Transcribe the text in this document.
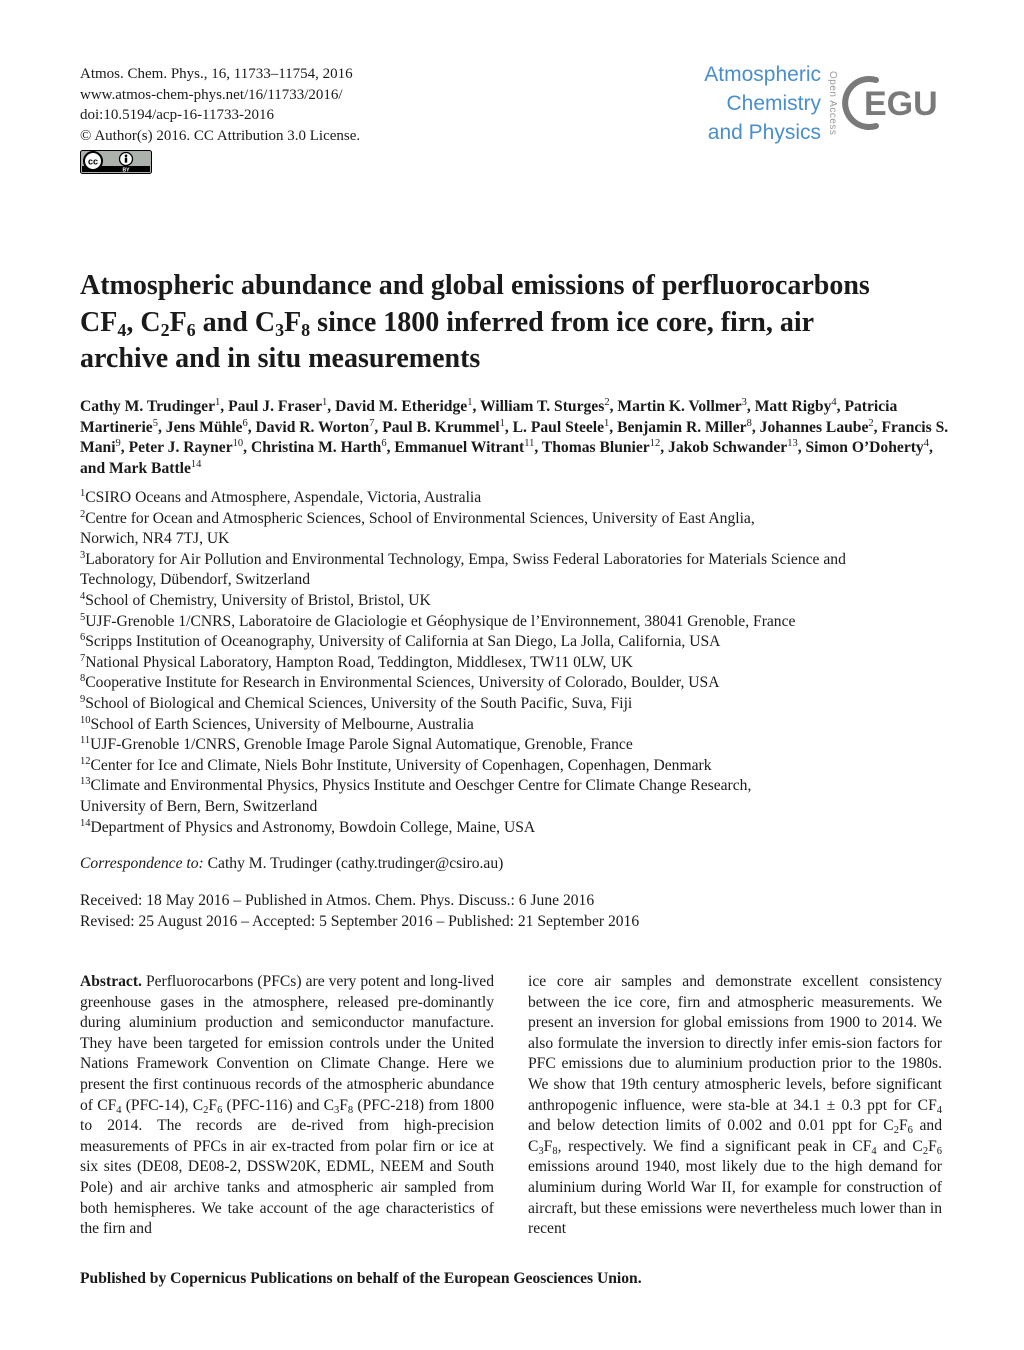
Atmos. Chem. Phys., 16, 11733–11754, 2016
www.atmos-chem-phys.net/16/11733/2016/
doi:10.5194/acp-16-11733-2016
© Author(s) 2016. CC Attribution 3.0 License.
cc
BY
Atmospheric
Chemistry
and Physics Open Access EGU
Atmospheric abundance and global emissions of perfluorocarbons
$CF_4$, $C_2F_6$ and $C_3F_8$ since 1800 inferred from ice core, firn, air
archive and in situ measurements
Cathy M. Trudinger$^1$, Paul J. Fraser$^1$, David M. Etheridge$^1$, William T. Sturges$^2$, Martin K. Vollmer$^3$, Matt Rigby$^4$, Patricia Martinerie$^5$, Jens Mühle$^6$, David R. Worton$^7$, Paul B. Krummel$^1$, L. Paul Steele$^1$, Benjamin R. Miller$^8$, Johannes Laube$^2$, Francis S. Mani$^9$, Peter J. Rayner$^{10}$, Christina M. Harth$^6$, Emmanuel Witrant$^{11}$, Thomas Blunier$^{12}$, Jakob Schwander$^{13}$, Simon O’Doherty$^4$, and Mark Battle$^{14}$
$^1$CSIRO Oceans and Atmosphere, Aspendale, Victoria, Australia
$^2$Centre for Ocean and Atmospheric Sciences, School of Environmental Sciences, University of East Anglia,
Norwich, NR4 7TJ, UK
$^3$Laboratory for Air Pollution and Environmental Technology, Empa, Swiss Federal Laboratories for Materials Science and
Technology, Dübendorf, Switzerland
$^4$School of Chemistry, University of Bristol, Bristol, UK
$^5$UJF-Grenoble 1/CNRS, Laboratoire de Glaciologie et Géophysique de l’Environnement, 38041 Grenoble, France
$^6$Scripps Institution of Oceanography, University of California at San Diego, La Jolla, California, USA
$^7$National Physical Laboratory, Hampton Road, Teddington, Middlesex, TW11 0LW, UK
$^8$Cooperative Institute for Research in Environmental Sciences, University of Colorado, Boulder, USA
$^9$School of Biological and Chemical Sciences, University of the South Pacific, Suva, Fiji
$^{10}$School of Earth Sciences, University of Melbourne, Australia
$^{11}$UJF-Grenoble 1/CNRS, Grenoble Image Parole Signal Automatique, Grenoble, France
$^{12}$Center for Ice and Climate, Niels Bohr Institute, University of Copenhagen, Copenhagen, Denmark
$^{13}$Climate and Environmental Physics, Physics Institute and Oeschger Centre for Climate Change Research,
University of Bern, Bern, Switzerland
$^{14}$Department of Physics and Astronomy, Bowdoin College, Maine, USA
Correspondence to: Cathy M. Trudinger (cathy.trudinger@csiro.au)
Received: 18 May 2016 – Published in Atmos. Chem. Phys. Discuss.: 6 June 2016
Revised: 25 August 2016 – Accepted: 5 September 2016 – Published: 21 September 2016
Abstract. Perfluorocarbons (PFCs) are very potent and long-lived greenhouse gases in the atmosphere, released pre-dominantly during aluminium production and semiconductor manufacture. They have been targeted for emission controls under the United Nations Framework Convention on Climate Change. Here we present the first continuous records of the atmospheric abundance of $CF_4$ (PFC-14), $C_2F_6$ (PFC-116) and $C_3F_8$ (PFC-218) from 1800 to 2014. The records are de-rived from high-precision measurements of PFCs in air ex-tracted from polar firn or ice at six sites (DE08, DE08-2, DSSW20K, EDML, NEEM and South Pole) and air archive tanks and atmospheric air sampled from both hemispheres. We take account of the age characteristics of the firn and
ice core air samples and demonstrate excellent consistency between the ice core, firn and atmospheric measurements. We present an inversion for global emissions from 1900 to 2014. We also formulate the inversion to directly infer emis-sion factors for PFC emissions due to aluminium production prior to the 1980s. We show that 19th century atmospheric levels, before significant anthropogenic influence, were sta-ble at 34.1 ± 0.3 ppt for $CF_4$ and below detection limits of 0.002 and 0.01 ppt for $C_2F_6$ and $C_3F_8$, respectively. We find a significant peak in $CF_4$ and $C_2F_6$ emissions around 1940, most likely due to the high demand for aluminium during World War II, for example for construction of aircraft, but these emissions were nevertheless much lower than in recent
Published by Copernicus Publications on behalf of the European Geosciences Union.
